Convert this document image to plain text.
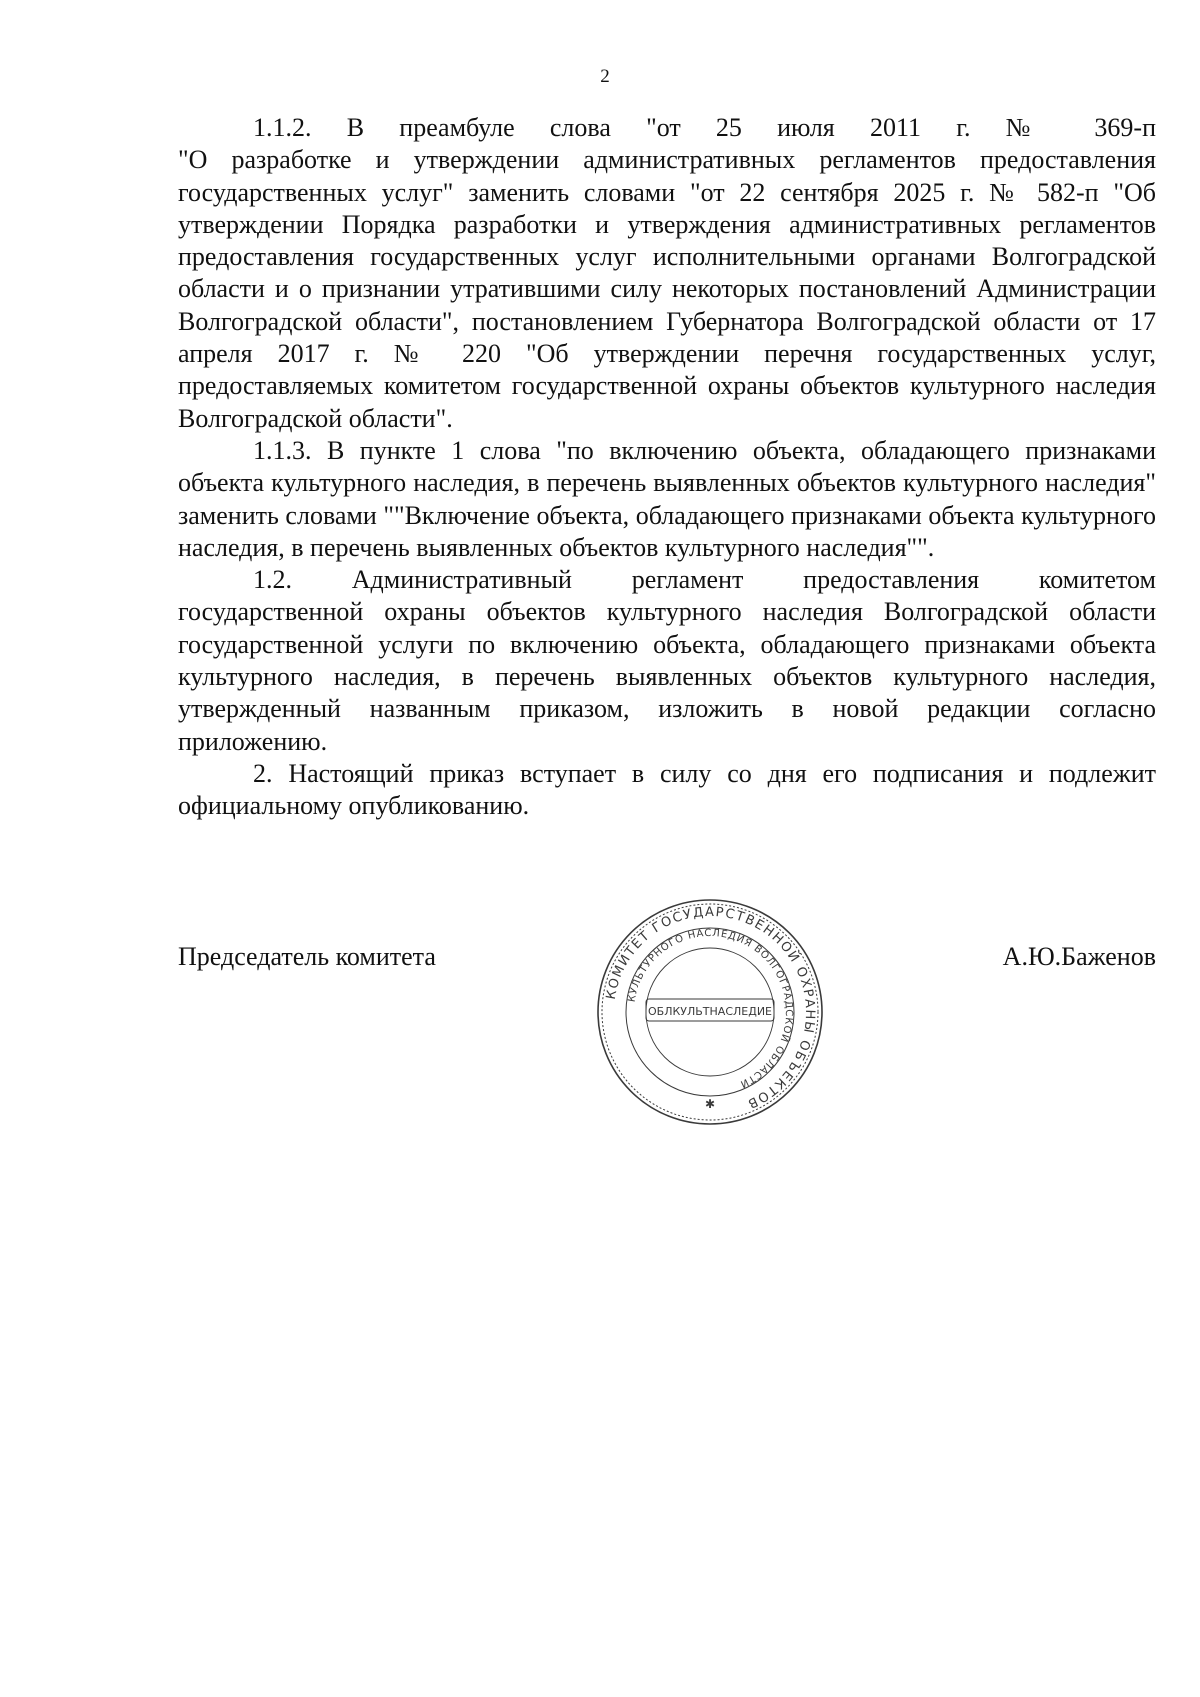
2

1.1.2. В преамбуле слова "от 25 июля 2011 г. № 369-п
"О разработке и утверждении административных регламентов предоставления государственных услуг" заменить словами "от 22 сентября 2025 г. № 582-п "Об утверждении Порядка разработки и утверждения административных регламентов предоставления государственных услуг исполнительными органами Волгоградской области и о признании утратившими силу некоторых постановлений Администрации Волгоградской области", постановлением Губернатора Волгоградской области от 17 апреля 2017 г. № 220 "Об утверждении перечня государственных услуг, предоставляемых комитетом государственной охраны объектов культурного наследия Волгоградской области".

1.1.3. В пункте 1 слова "по включению объекта, обладающего признаками объекта культурного наследия, в перечень выявленных объектов культурного наследия" заменить словами ""Включение объекта, обладающего признаками объекта культурного наследия, в перечень выявленных объектов культурного наследия"".

1.2. Административный регламент предоставления комитетом
государственной охраны объектов культурного наследия Волгоградской области государственной услуги по включению объекта, обладающего признаками объекта культурного наследия, в перечень выявленных объектов культурного наследия, утвержденный названным приказом, изложить в новой редакции согласно приложению.

2. Настоящий приказ вступает в силу со дня его подписания и подлежит официальному опубликованию.

Председатель комитета	А.Ю.Баженов
КОМИТЕТ ГОСУДАРСТВЕННОЙ ОХРАНЫ ОБЪЕКТОВ
КУЛЬТУРНОГО НАСЛЕДИЯ ВОЛГОГРАДСКОЙ ОБЛАСТИ
ОБЛКУЛЬТНАСЛЕДИЕ
✱
